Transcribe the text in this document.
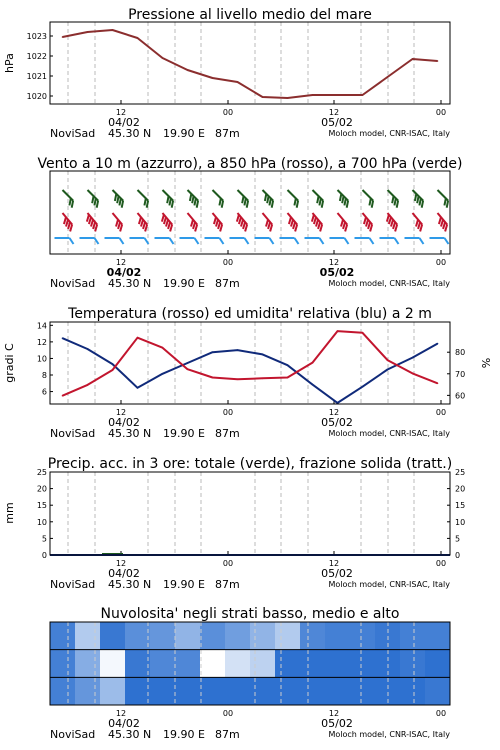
Pressione al livello medio del mare
12	00	12	00
04/02	05/02
NoviSad 45.30 N 19.90 E 87m	Moloch model, CNR-ISAC, Italy
1020
1021
1022
1023
hPa
Vento a 10 m (azzurro), a 850 hPa (rosso), a 700 hPa (verde)
12	00	12	00
04/02	05/02
NoviSad 45.30 N 19.90 E 87m	Moloch model, CNR-ISAC, Italy
Temperatura (rosso) ed umidita' relativa (blu) a 2 m
12	00	12	00
04/02	05/02
NoviSad 45.30 N 19.90 E 87m	Moloch model, CNR-ISAC, Italy
6
8
10
12
14
60
70
80
gradi C	%
Precip. acc. in 3 ore: totale (verde), frazione solida (tratt.)
12	00	12	00
04/02	05/02
NoviSad 45.30 N 19.90 E 87m	Moloch model, CNR-ISAC, Italy
0
5
10
15
20
25
0
5
10
15
20
25
mm
Nuvolosita' negli strati basso, medio e alto
12	00	12	00
04/02	05/02
NoviSad 45.30 N 19.90 E 87m	Moloch model, CNR-ISAC, Italy
